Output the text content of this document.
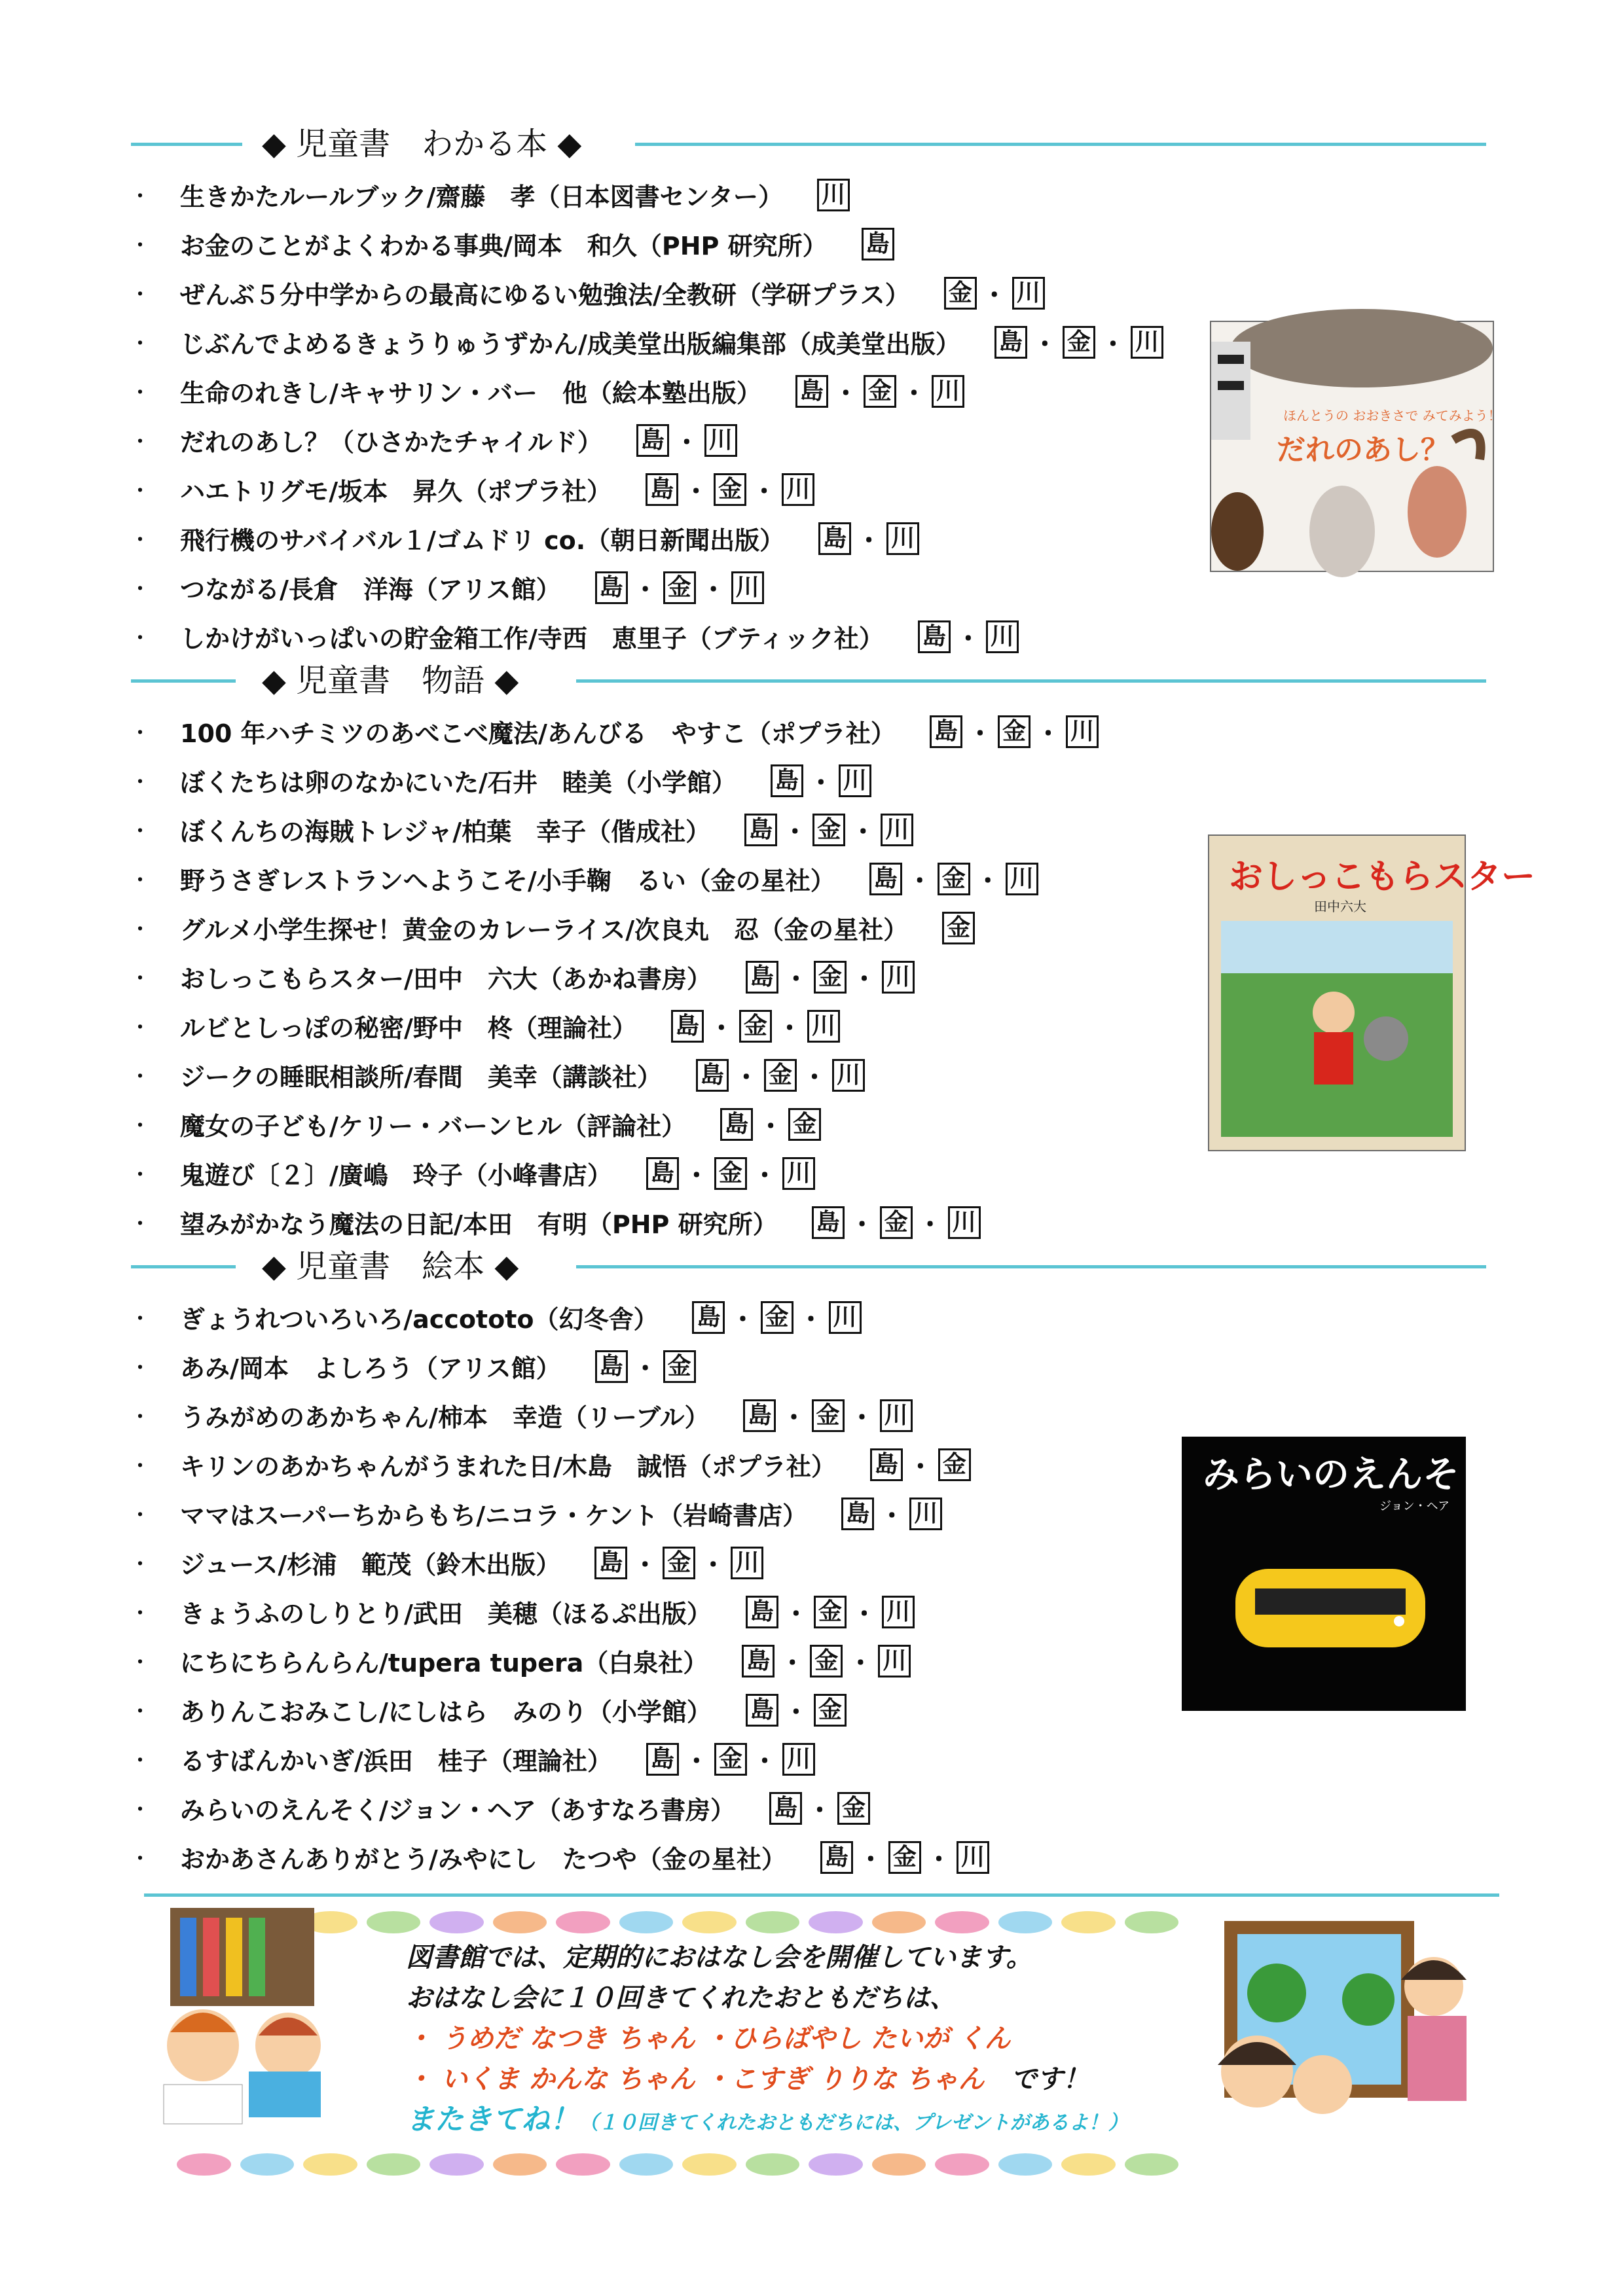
◆ 児童書　わかる本 ◆
・	生きかたルールブック/齋藤　孝（日本図書センター） 川
・	お金のことがよくわかる事典/岡本　和久（PHP 研究所） 島
・	ぜんぶ５分中学からの最高にゆるい勉強法/全教研（学研プラス） 金 ・ 川
・	じぶんでよめるきょうりゅうずかん/成美堂出版編集部（成美堂出版） 島 ・ 金 ・ 川
・	生命のれきし/キャサリン・バー　他（絵本塾出版） 島 ・ 金 ・ 川
・	だれのあし？（ひさかたチャイルド） 島 ・ 川
・	ハエトリグモ/坂本　昇久（ポプラ社） 島 ・ 金 ・ 川
・	飛行機のサバイバル１/ゴムドリ co.（朝日新聞出版） 島 ・ 川
・	つながる/長倉　洋海（アリス館） 島 ・ 金 ・ 川
・	しかけがいっぱいの貯金箱工作/寺西　恵里子（ブティック社） 島 ・ 川
◆ 児童書　物語 ◆
・	100 年ハチミツのあべこべ魔法/あんびる　やすこ（ポプラ社） 島 ・ 金 ・ 川
・	ぼくたちは卵のなかにいた/石井　睦美（小学館） 島 ・ 川
・	ぼくんちの海賊トレジャ/柏葉　幸子（偕成社） 島 ・ 金 ・ 川
・	野うさぎレストランへようこそ/小手鞠　るい（金の星社） 島 ・ 金 ・ 川
・	グルメ小学生探せ！黄金のカレーライス/次良丸　忍（金の星社） 金
・	おしっこもらスター/田中　六大（あかね書房） 島 ・ 金 ・ 川
・	ルビとしっぽの秘密/野中　柊（理論社） 島 ・ 金 ・ 川
・	ジークの睡眠相談所/春間　美幸（講談社） 島 ・ 金 ・ 川
・	魔女の子ども/ケリー・バーンヒル（評論社） 島 ・ 金
・	鬼遊び〔２〕/廣嶋　玲子（小峰書店） 島 ・ 金 ・ 川
・	望みがかなう魔法の日記/本田　有明（PHP 研究所） 島 ・ 金 ・ 川
◆ 児童書　絵本 ◆
・	ぎょうれついろいろ/accototo（幻冬舎） 島 ・ 金 ・ 川
・	あみ/岡本　よしろう（アリス館） 島 ・ 金
・	うみがめのあかちゃん/柿本　幸造（リーブル） 島 ・ 金 ・ 川
・	キリンのあかちゃんがうまれた日/木島　誠悟（ポプラ社） 島 ・ 金
・	ママはスーパーちからもち/ニコラ・ケント（岩崎書店） 島 ・ 川
・	ジュース/杉浦　範茂（鈴木出版） 島 ・ 金 ・ 川
・	きょうふのしりとり/武田　美穂（ほるぷ出版） 島 ・ 金 ・ 川
・	にちにちらんらん/tupera tupera（白泉社） 島 ・ 金 ・ 川
・	ありんこおみこし/にしはら　みのり（小学館） 島 ・ 金
・	るすばんかいぎ/浜田　桂子（理論社） 島 ・ 金 ・ 川
・	みらいのえんそく/ジョン・ヘア（あすなろ書房） 島 ・ 金
・	おかあさんありがとう/みやにし　たつや（金の星社） 島 ・ 金 ・ 川
ほんとうの おおきさで みてみよう！
だれのあし？
おしっこもらスター
田中六大
みらいのえんそく
ジョン・ヘア
図書館では、定期的におはなし会を開催しています。
おはなし会に１０回きてくれたおともだちは、
・ うめだ なつき ちゃん ・ひらばやし たいが くん
・ いくま かんな ちゃん ・こすぎ りりな ちゃん　 です！
またきてね！（１０回きてくれたおともだちには、プレゼントがあるよ！）
